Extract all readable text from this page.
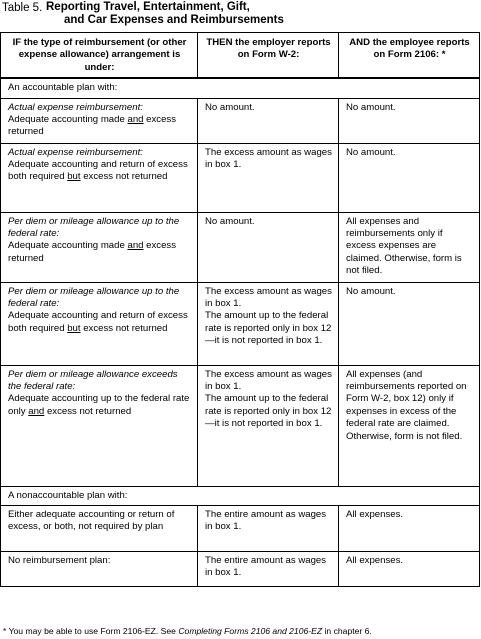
Table 5. Reporting Travel, Entertainment, Gift,
and Car Expenses and Reimbursements
IF the type of reimbursement (or other expense allowance) arrangement is under:	THEN the employer reports on Form W-2:	AND the employee reports on Form 2106: *
An accountable plan with:		

Actual expense reimbursement:
Adequate accounting made and excess returned	No amount.	No amount.

Actual expense reimbursement:
Adequate accounting and return of excess both required but excess not returned	The excess amount as wages in box 1.	No amount.

Per diem or mileage allowance up to the federal rate:
Adequate accounting made and excess returned	No amount.	All expenses and reimbursements only if excess expenses are claimed. Otherwise, form is not filed.

Per diem or mileage allowance up to the federal rate:
Adequate accounting and return of excess both required but excess not returned	The excess amount as wages in box 1.
The amount up to the federal rate is reported only in box 12—it is not reported in box 1.	No amount.

Per diem or mileage allowance exceeds the federal rate:
Adequate accounting up to the federal rate only and excess not returned	The excess amount as wages in box 1.
The amount up to the federal rate is reported only in box 12—it is not reported in box 1.	All expenses (and reimbursements reported on Form W-2, box 12) only if expenses in excess of the federal rate are claimed. Otherwise, form is not filed.
A nonaccountable plan with:		
Either adequate accounting or return of excess, or both, not required by plan	The entire amount as wages in box 1.	All expenses.
No reimbursement plan:	The entire amount as wages in box 1.	All expenses.
* You may be able to use Form 2106-EZ. See Completing Forms 2106 and 2106-EZ in chapter 6.
